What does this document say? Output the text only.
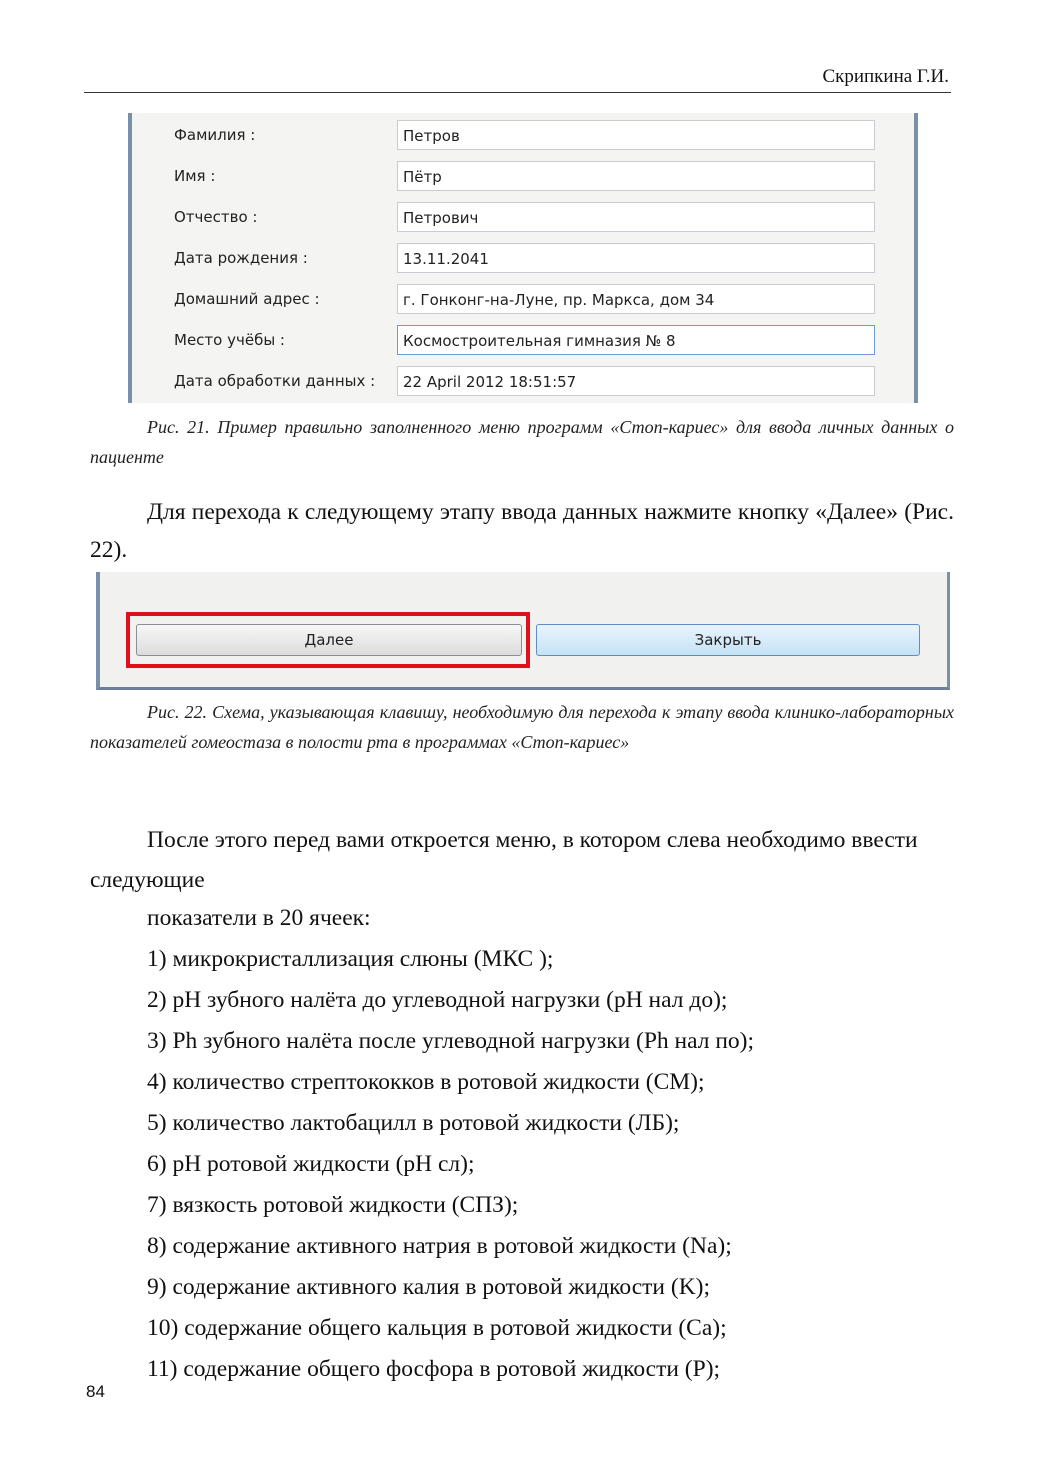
Скрипкина Г.И.
Фамилия :	Петров
Имя :	Пётр
Отчество :	Петрович
Дата рождения :	13.11.2041
Домашний адрес :	г. Гонконг-на-Луне, пр. Маркса, дом 34
Место учёбы :	Космостроительная гимназия № 8
Дата обработки данных :	22 April 2012 18:51:57
Рис. 21. Пример правильно заполненного меню программ «Стоп-кариес» для ввода личных данных о пациенте
Для перехода к следующему этапу ввода данных нажмите кнопку «Далее» (Рис. 22).
Далее	Закрыть
Рис. 22. Схема, указывающая клавишу, необходимую для перехода к этапу ввода клинико-лабораторных показателей гомеостаза в полости рта в программах «Стоп-кариес»
После этого перед вами откроется меню, в котором слева необходимо ввести следующие
показатели в 20 ячеек:
1) микрокристаллизация слюны (МКС );
2) рН зубного налёта до углеводной нагрузки (рН нал до);
3) Ph зубного налёта после углеводной нагрузки (Ph нал по);
4) количество стрептококков в ротовой жидкости (СМ);
5) количество лактобацилл в ротовой жидкости (ЛБ);
6) рН ротовой жидкости (рН сл);
7) вязкость ротовой жидкости (СПЗ);
8) содержание активного натрия в ротовой жидкости (Na);
9) содержание активного калия в ротовой жидкости (K);
10) содержание общего кальция в ротовой жидкости (Ca);
11) содержание общего фосфора в ротовой жидкости (P);
84
